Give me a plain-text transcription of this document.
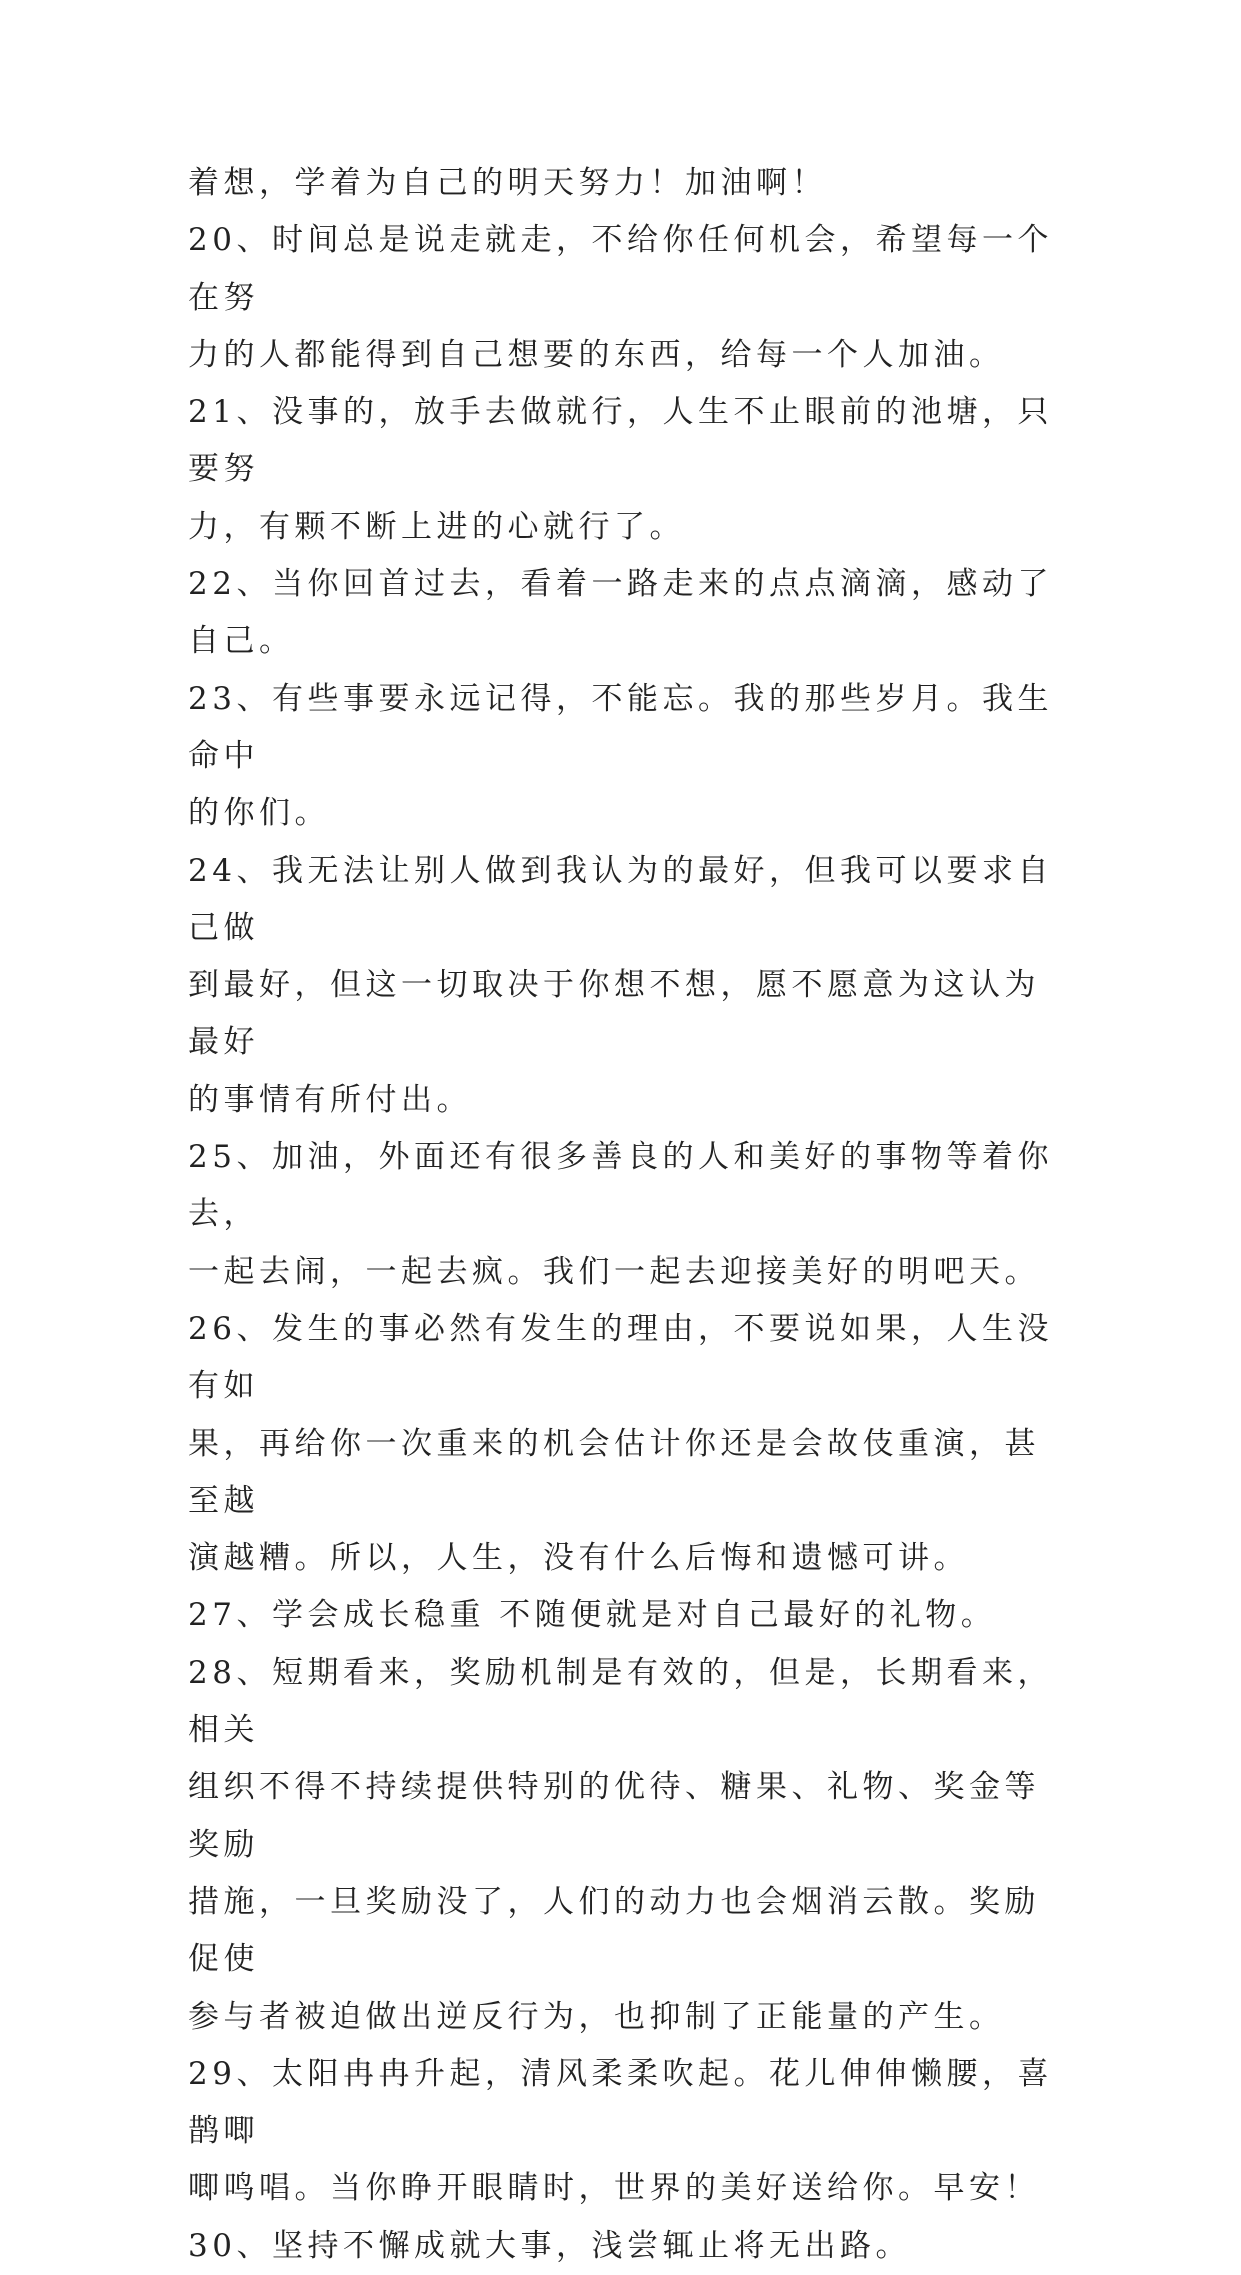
着想，学着为自己的明天努力！加油啊！

20、时间总是说走就走，不给你任何机会，希望每一个在努

力的人都能得到自己想要的东西，给每一个人加油。

21、没事的，放手去做就行，人生不止眼前的池塘，只要努

力，有颗不断上进的心就行了。

22、当你回首过去，看着一路走来的点点滴滴，感动了自己。

23、有些事要永远记得，不能忘。我的那些岁月。我生命中

的你们。

24、我无法让别人做到我认为的最好，但我可以要求自己做

到最好，但这一切取决于你想不想，愿不愿意为这认为最好

的事情有所付出。

25、加油，外面还有很多善良的人和美好的事物等着你去，

一起去闹，一起去疯。我们一起去迎接美好的明吧天。

26、发生的事必然有发生的理由，不要说如果，人生没有如

果，再给你一次重来的机会估计你还是会故伎重演，甚至越

演越糟。所以，人生，没有什么后悔和遗憾可讲。

27、学会成长稳重 不随便就是对自己最好的礼物。

28、短期看来，奖励机制是有效的，但是，长期看来，相关

组织不得不持续提供特别的优待、糖果、礼物、奖金等奖励

措施，一旦奖励没了，人们的动力也会烟消云散。奖励促使

参与者被迫做出逆反行为，也抑制了正能量的产生。

29、太阳冉冉升起，清风柔柔吹起。花儿伸伸懒腰，喜鹊唧

唧鸣唱。当你睁开眼睛时，世界的美好送给你。早安！

30、坚持不懈成就大事，浅尝辄止将无出路。
